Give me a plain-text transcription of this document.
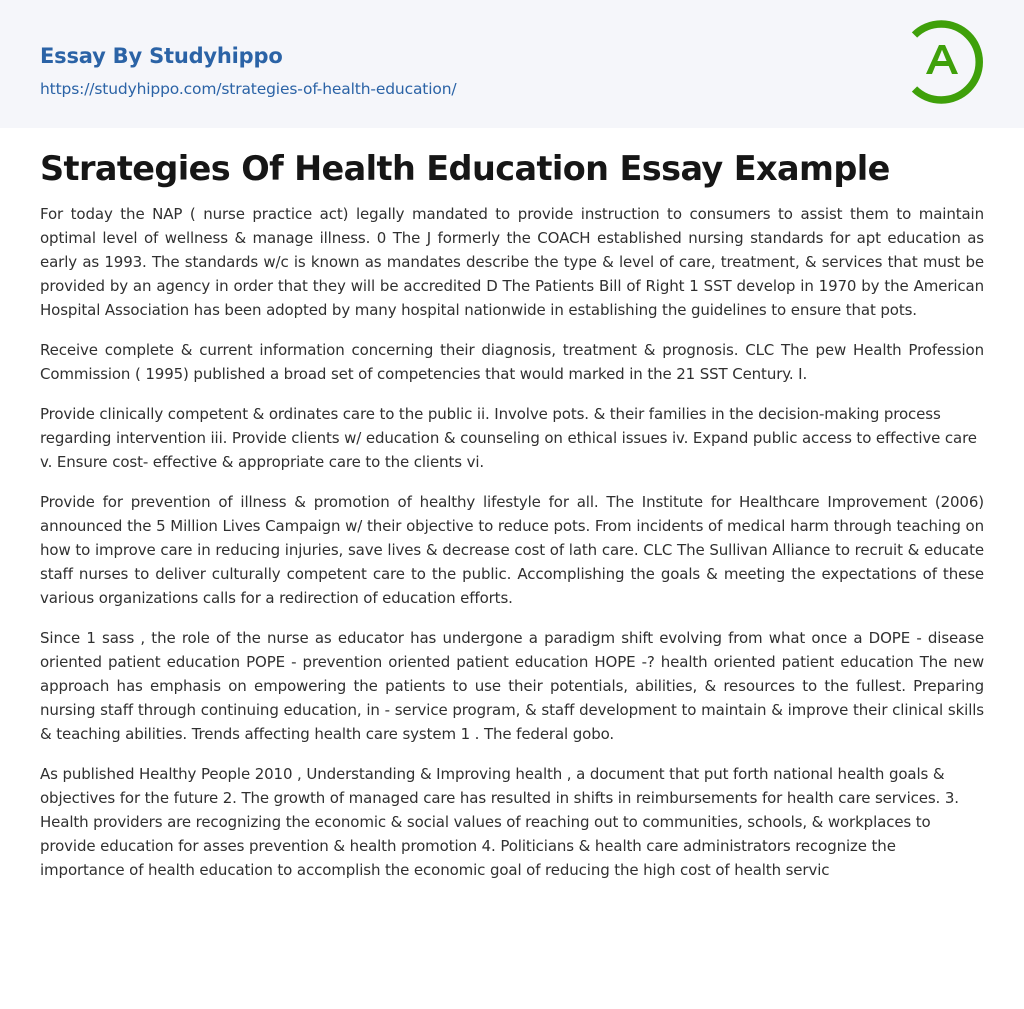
Essay By Studyhippo
https://studyhippo.com/strategies-of-health-education/
Strategies Of Health Education Essay Example

For today the NAP ( nurse practice act) legally mandated to provide instruction to consumers to assist them to maintain optimal level of wellness & manage illness. 0 The J formerly the COACH established nursing standards for apt education as early as 1993. The standards w/c is known as mandates describe the type & level of care, treatment, & services that must be provided by an agency in order that they will be accredited D The Patients Bill of Right 1 SST develop in 1970 by the American Hospital Association has been adopted by many hospital nationwide in establishing the guidelines to ensure that pots.

Receive complete & current information concerning their diagnosis, treatment & prognosis. CLC The pew Health Profession Commission ( 1995) published a broad set of competencies that would marked in the 21 SST Century. I.

Provide clinically competent & ordinates care to the public ii. Involve pots. & their families in the decision-making process regarding intervention iii. Provide clients w/ education & counseling on ethical issues iv. Expand public access to effective care v. Ensure cost- effective & appropriate care to the clients vi.

Provide for prevention of illness & promotion of healthy lifestyle for all. The Institute for Healthcare Improvement (2006) announced the 5 Million Lives Campaign w/ their objective to reduce pots. From incidents of medical harm through teaching on how to improve care in reducing injuries, save lives & decrease cost of lath care. CLC The Sullivan Alliance to recruit & educate staff nurses to deliver culturally competent care to the public. Accomplishing the goals & meeting the expectations of these various organizations calls for a redirection of education efforts.

Since 1 sass , the role of the nurse as educator has undergone a paradigm shift evolving from what once a DOPE - disease oriented patient education POPE - prevention oriented patient education HOPE -? health oriented patient education The new approach has emphasis on empowering the patients to use their potentials, abilities, & resources to the fullest. Preparing nursing staff through continuing education, in - service program, & staff development to maintain & improve their clinical skills & teaching abilities. Trends affecting health care system 1 . The federal gobo.

As published Healthy People 2010 , Understanding & Improving health , a document that put forth national health goals & objectives for the future 2. The growth of managed care has resulted in shifts in reimbursements for health care services. 3. Health providers are recognizing the economic & social values of reaching out to communities, schools, & workplaces to provide education for asses prevention & health promotion 4. Politicians & health care administrators recognize the importance of health education to accomplish the economic goal of reducing the high cost of health servic
